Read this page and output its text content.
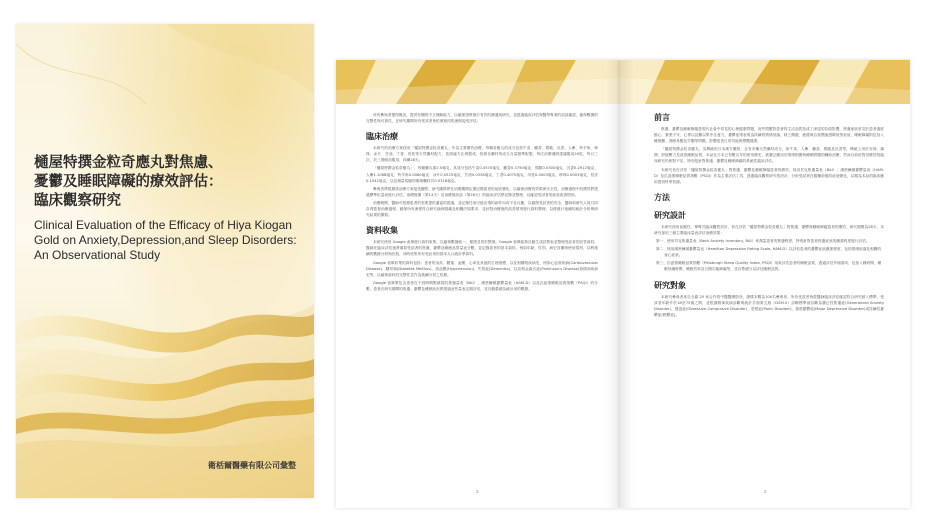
樋屋特撰金粒奇應丸對焦慮、
憂鬱及睡眠障礙的療效評估：
臨床觀察研究
Clinical Evaluation of the Efficacy of Hiya Kiogan
Gold on Anxiety,Depression,and Sleep Disorders:
An Observational Study
衛栝爾醫藥有限公司彙整
所有參與者獲得概況，提供有關的中文理解能力，以確保證實施行有效的溝通與研究，並經過臨床評估與醫學專業的訪談確認，確保數據的完整性與可靠性，在研究期間所有受試者皆依照相同的流程接受評估。
臨床治療
本研究的治療方案採用「樋屋特撰金粒奇應丸」作為主要療效治療，每顆奇應丸的成分包括牛黃、麝香、熊膽、沉香、人參、羚羊角、珍珠、冰片、甘油、丁香、肉桂等天然藥材配方，依照處方比例製成，依照各藥材的成分含量精準配製，每次治療遵照建議服用20粒，每日三次，於三餐飯前服用，持續28天。
「樋屋特撰金粒奇應丸」，每顆藥丸重2.5毫克，其成分包括牛黃0.0570毫克、麝香0.3750毫克、熊膽0.0300毫克、沉香0.2912毫克、人參1.1088毫克、羚羊角0.0080毫克、冰片0.0525毫克、甘油0.0338毫克、丁香0.4075毫克、肉桂0.0003毫克、珍珠0.0003毫克、桂皮0.1042毫克，以及微量的賦形劑與輔料共0.0318毫克。
參與者將根據該治療方案接受觀察，研究團隊將在治療期間定期記錄患者的症狀變化，以確保治療的效果與安全性，治療過程中的療效將透過標準化量表進行評估，治療後期（第14天）及治療後回訪（第28天）的臨床評估將記錄並整理，以確認受試者的症狀改善情形。
治療期間，醫師可根據患者的需要提供適當的建議，並記錄任何可能出現的副作用或不良反應，以確保受試者的安全，醫師和研究人員共同負責監督治療過程，確保所有流程符合研究倫理規範及相關法規要求，並針對治療後的改善情形進行資料整理，以便進行後續的統計分析與研究結果的撰寫。
資料收集
本研究使用 Google 表單進行資料收集，以確保數據統一、便捷並易於整理。Google 表單能夠自動生成試算表並整理受訪者的回答資料，醫師在臨床評估後將填寫受試者的焦慮、憂鬱及睡眠品質量表分數，並記錄患者的基本資料，例如年齡、性別、病史及藥物使用情形，以利後續的數據分析與比較，同時收集所有受訪者的基本人口統計學資料。
Google 表單收集的資料包括：患者的身高、體重、血壓、心率及其他的生理指標，以及相關的疾病史，例如心血管疾病(Cardiovascular Disease)、糖尿病(Diabetes Mellitus)、高血壓(Hypertension)、失智症(Dementia)、以及帕金森氏症(Parkinson's Disease)和精神疾病史等，以確保資料的完整性並作為後續分析之依據。
Google 表單將包含患者在不同時間點填寫的焦慮量表（BAI）、漢密爾頓憂鬱量表（HAM-D）以及匹茲堡睡眠品質指數（PSQI）的分數，患者在研究期間的焦慮、憂鬱及睡眠狀況將透過這些量表定期評估，並自動彙總為統計用的數據。
3
前言
焦慮、憂鬱及睡眠障礙是現代社會中常見的心理健康問題，這些問題對患者的生活品質造成了深遠的負面影響，焦慮症狀常見於患者過度擔心、緊張不安、心悸以及難以集中注意力，憂鬱症則表現為持續的情緒低落、缺乏興趣、疲倦與自我價值感降低等症狀，睡眠障礙則包括入睡困難、淺眠易醒及早醒等問題，影響患者日常功能與整體健康。
「樋屋特撰金粒奇應丸」為傳統的日本漢方藥物，含有多種天然藥材成分，如牛黃、人參、麝香、熊膽及沉香等，傳統上用於安神、鎮靜、舒緩壓力及改善睡眠品質，本品在日本已有數百年的使用歷史，被廣泛應用於情緒困擾與睡眠問題的輔助治療，然而目前針對其療效的臨床研究仍相對不足，特別是針對焦慮、憂鬱及睡眠障礙的系統性臨床評估。
本研究旨在評估「樋屋特撰金粒奇應丸」對焦慮、憂鬱及睡眠障礙患者的療效，採用貝克焦慮量表（BAI）、漢密爾頓憂鬱量表（HAM-D）及匹茲堡睡眠品質指數（PSQI）作為主要評估工具，透過臨床觀察研究的設計，分析受試者在服藥前後的症狀變化，以期為本品的臨床應用提供科學依據。
方法
研究設計
本研究採用前瞻性、單臂式臨床觀察設計，旨在評估「樋屋特撰金粒奇應丸」對焦慮、憂鬱與睡眠障礙患者的療效，研究期間為28天，本研究採用三個主要臨床量表評估治療效果：
第一、使用貝克焦慮量表（Beck Anxiety Inventory, BAI）來測量患者的焦慮程度，特別針對患者焦慮症狀的嚴重程度進行評估。
第二、採用漢密爾頓憂鬱量表（Hamilton Depression Rating Scale, HAM-D）以評估患者的憂鬱症狀嚴重程度，包括情緒低落及相關的身心症狀。
第三、匹茲堡睡眠品質指數（Pittsburgh Sleep Quality Index, PSQI）用來評估患者的睡眠品質，透過評估多個面向，包括入睡時間、睡眠持續時間、睡眠效率及日間功能障礙等，並計算總分以評估睡眠品質。
研究對象
本研究參與者來自全臺 20 家合作的中醫醫療院所，總樣本數為100名參與者，所有受試者皆經醫師臨床評估確認符合研究納入標準，受試者年齡介於18至75歲之間，並根據精神疾病診斷與統計手冊第五版（DSM-5）診斷標準被診斷為廣泛性焦慮症(Generalized Anxiety Disorder)、強迫症(Obsessive-Compulsive Disorder)、恐慌症(Panic Disorder)、重度憂鬱症(Major Depressive Disorder)或持續性憂鬱症(輕鬱症)。
2
